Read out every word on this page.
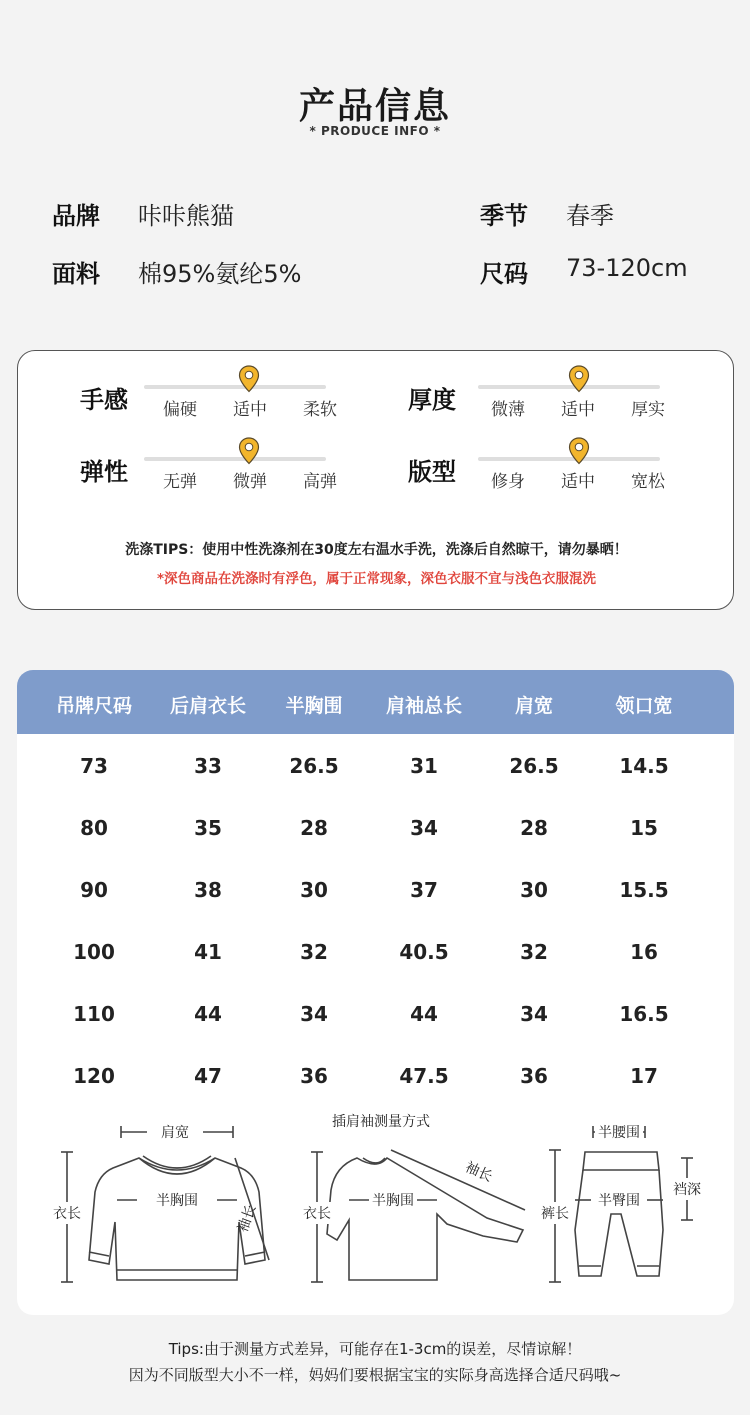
产品信息
* PRODUCE INFO *
品牌 咔咔熊猫	季节 春季
面料 棉95%氨纶5%	尺码 73-120cm
手感	偏硬	适中	柔软	厚度	微薄	适中	厚实
弹性	无弹	微弹	高弹	版型	修身	适中	宽松
洗涤TIPS：使用中性洗涤剂在30度左右温水手洗，洗涤后自然晾干，请勿暴晒！
*深色商品在洗涤时有浮色，属于正常现象，深色衣服不宜与浅色衣服混洗
吊牌尺码	后肩衣长	半胸围	肩袖总长	肩宽	领口宽
73	33	26.5	31	26.5	14.5
80	35	28	34	28	15
90	38	30	37	30	15.5
100	41	32	40.5	32	16
110	44	34	44	34	16.5
120	47	36	47.5	36	17
肩宽
衣长
半胸围
袖长
插肩袖测量方式
衣长
半胸围
袖长
半腰围
裤长
半臀围
裆深
Tips:由于测量方式差异，可能存在1-3cm的误差，尽情谅解！
因为不同版型大小不一样，妈妈们要根据宝宝的实际身高选择合适尺码哦~
